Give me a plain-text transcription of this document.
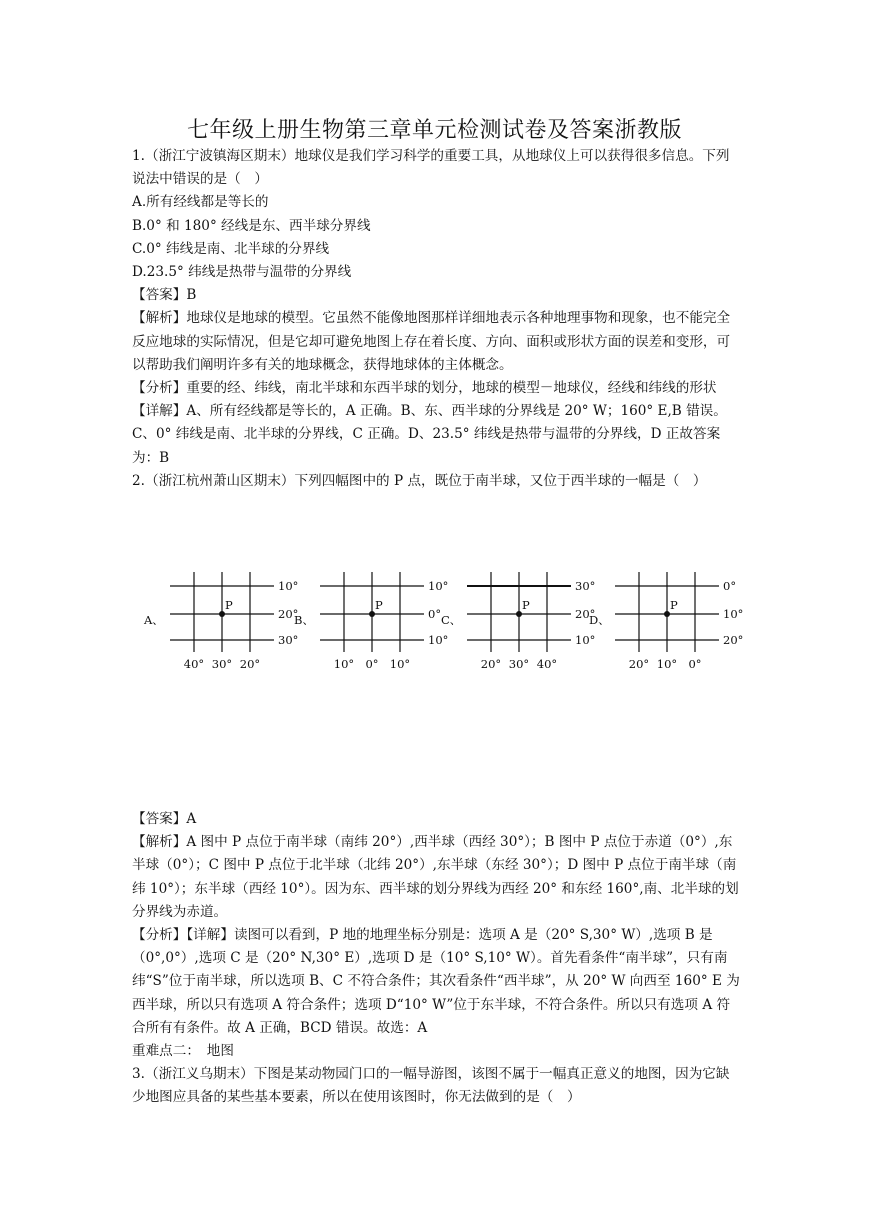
七年级上册生物第三章单元检测试卷及答案浙教版

1.（浙江宁波镇海区期末）地球仪是我们学习科学的重要工具，从地球仪上可以获得很多信息。下列说法中错误的是（　）

A.所有经线都是等长的

B.0° 和 180° 经线是东、西半球分界线

C.0° 纬线是南、北半球的分界线

D.23.5° 纬线是热带与温带的分界线

【答案】B

【解析】地球仪是地球的模型。它虽然不能像地图那样详细地表示各种地理事物和现象，也不能完全反应地球的实际情况，但是它却可避免地图上存在着长度、方向、面积或形状方面的误差和变形，可以帮助我们阐明许多有关的地球概念，获得地球体的主体概念。

【分析】重要的经、纬线，南北半球和东西半球的划分，地球的模型－地球仪，经线和纬线的形状

【详解】A、所有经线都是等长的，A 正确。B、东、西半球的分界线是 20° W；160° E,B 错误。C、0° 纬线是南、北半球的分界线，C 正确。D、23.5° 纬线是热带与温带的分界线，D 正故答案为：B

2.（浙江杭州萧山区期末）下列四幅图中的 P 点，既位于南半球，又位于西半球的一幅是（　）

A、
10°
20°
30°
40° 30° 20°
P
B、
10°
0°
10°
10° 0° 10°
P
C、
30°
20°
10°
20° 30° 40°
P
D、
0°
10°
20°
20° 10° 0°
P

【答案】A

【解析】A 图中 P 点位于南半球（南纬 20°）,西半球（西经 30°）；B 图中 P 点位于赤道（0°）,东半球（0°）；C 图中 P 点位于北半球（北纬 20°）,东半球（东经 30°）；D 图中 P 点位于南半球（南纬 10°）；东半球（西经 10°）。因为东、西半球的划分界线为西经 20° 和东经 160°,南、北半球的划分界线为赤道。

【分析】【详解】读图可以看到，P 地的地理坐标分别是：选项 A 是（20° S,30° W）,选项 B 是（0°,0°）,选项 C 是（20° N,30° E）,选项 D 是（10° S,10° W）。首先看条件“南半球”，只有南纬“S”位于南半球，所以选项 B、C 不符合条件；其次看条件“西半球”，从 20° W 向西至 160° E 为西半球，所以只有选项 A 符合条件；选项 D“10° W”位于东半球，不符合条件。所以只有选项 A 符合所有有条件。故 A 正确，BCD 错误。故选：A

重难点二：　地图

3.（浙江义乌期末）下图是某动物园门口的一幅导游图，该图不属于一幅真正意义的地图，因为它缺少地图应具备的某些基本要素，所以在使用该图时，你无法做到的是（　）
